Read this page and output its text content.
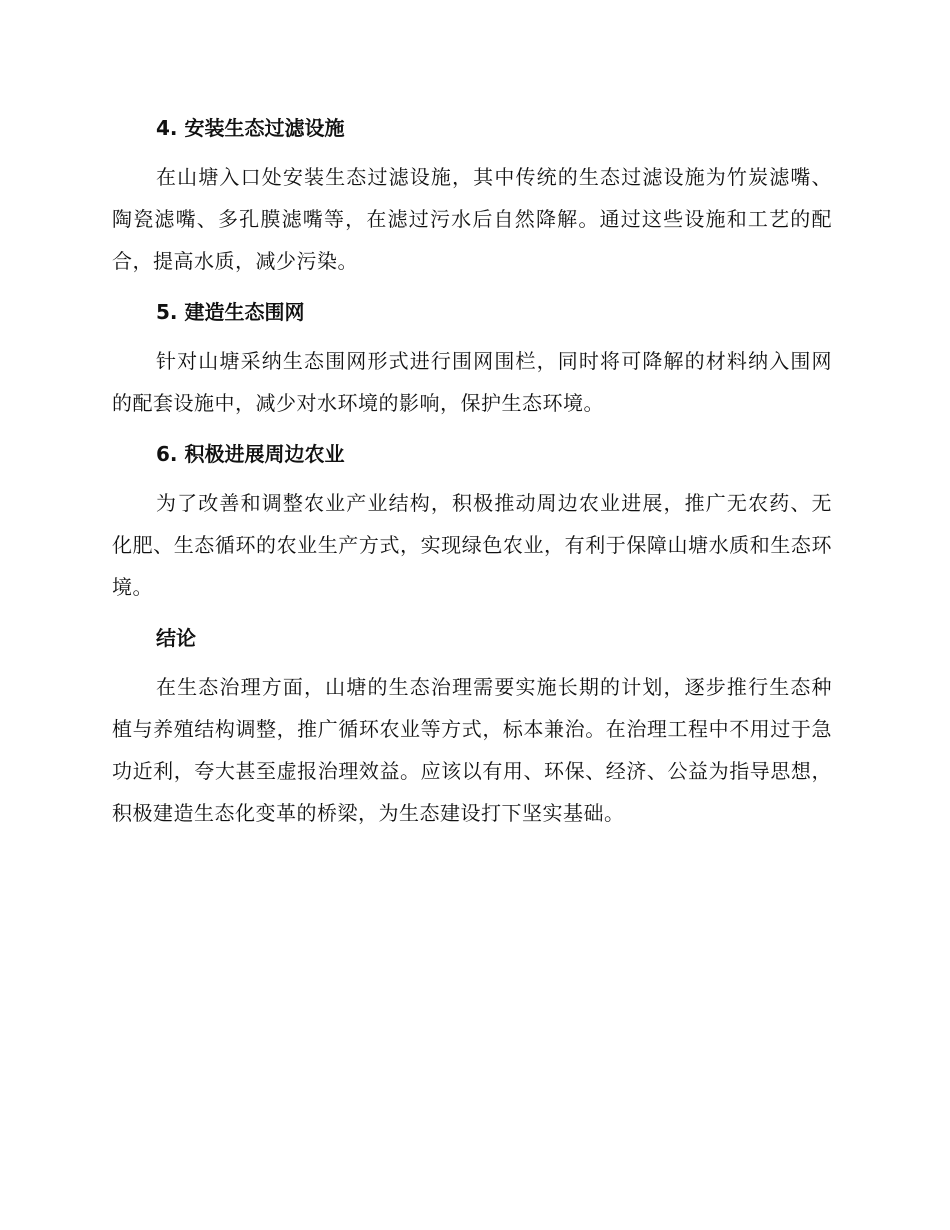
4. 安装生态过滤设施

在山塘入口处安装生态过滤设施，其中传统的生态过滤设施为竹炭滤嘴、陶瓷滤嘴、多孔膜滤嘴等，在滤过污水后自然降解。通过这些设施和工艺的配合，提高水质，减少污染。

5. 建造生态围网

针对山塘采纳生态围网形式进行围网围栏，同时将可降解的材料纳入围网的配套设施中，减少对水环境的影响，保护生态环境。

6. 积极进展周边农业

为了改善和调整农业产业结构，积极推动周边农业进展，推广无农药、无化肥、生态循环的农业生产方式，实现绿色农业，有利于保障山塘水质和生态环境。

结论

在生态治理方面，山塘的生态治理需要实施长期的计划，逐步推行生态种植与养殖结构调整，推广循环农业等方式，标本兼治。在治理工程中不用过于急功近利，夸大甚至虚报治理效益。应该以有用、环保、经济、公益为指导思想，积极建造生态化变革的桥梁，为生态建设打下坚实基础。
